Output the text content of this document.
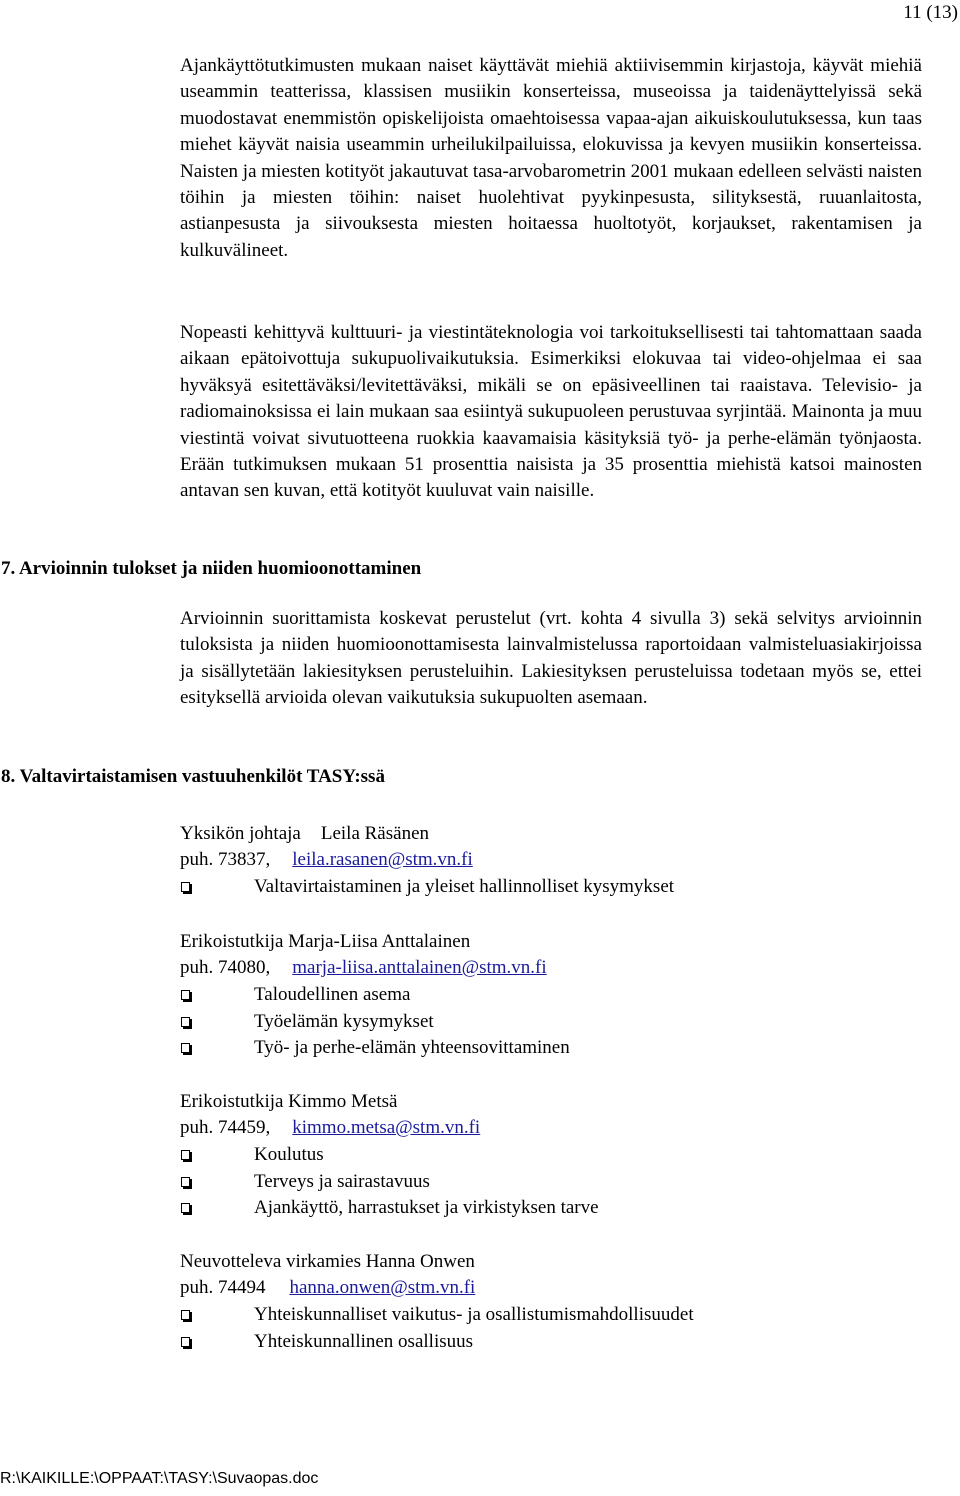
11 (13)

Ajankäyttötutkimusten mukaan naiset käyttävät miehiä aktiivisemmin kirjastoja, käyvät miehiä useammin teatterissa, klassisen musiikin konserteissa, museoissa ja taidenäyttelyissä sekä muodostavat enemmistön opiskelijoista omaehtoisessa vapaa-ajan aikuiskoulutuksessa, kun taas miehet käyvät naisia useammin urheilukilpailuissa, elokuvissa ja kevyen musiikin konserteissa. Naisten ja miesten kotityöt jakautuvat tasa-arvobarometrin 2001 mukaan edelleen selvästi naisten töihin ja miesten töihin: naiset huolehtivat pyykinpesusta, silityksestä, ruuanlaitosta, astianpesusta ja siivouksesta miesten hoitaessa huoltotyöt, korjaukset, rakentamisen ja kulkuvälineet.

Nopeasti kehittyvä kulttuuri- ja viestintäteknologia voi tarkoituksellisesti tai tahtomattaan saada aikaan epätoivottuja sukupuolivaikutuksia. Esimerkiksi elokuvaa tai video-ohjelmaa ei saa hyväksyä esitettäväksi/levitettäväksi, mikäli se on epäsiveellinen tai raaistava. Televisio- ja radiomainoksissa ei lain mukaan saa esiintyä sukupuoleen perustuvaa syrjintää. Mainonta ja muu viestintä voivat sivutuotteena ruokkia kaavamaisia käsityksiä työ- ja perhe-elämän työnjaosta. Erään tutkimuksen mukaan 51 prosenttia naisista ja 35 prosenttia miehistä katsoi mainosten antavan sen kuvan, että kotityöt kuuluvat vain naisille.

7. Arvioinnin tulokset ja niiden huomioonottaminen

Arvioinnin suorittamista koskevat perustelut (vrt. kohta 4 sivulla 3) sekä selvitys arvioinnin tuloksista ja niiden huomioonottamisesta lainvalmistelussa raportoidaan valmisteluasiakirjoissa ja sisällytetään lakiesityksen perusteluihin. Lakiesityksen perusteluissa todetaan myös se, ettei esityksellä arvioida olevan vaikutuksia sukupuolten asemaan.

8. Valtavirtaistamisen vastuuhenkilöt TASY:ssä
Yksikön johtaja Leila Räsänen
puh. 73837, leila.rasanen@stm.vn.fi
Valtavirtaistaminen ja yleiset hallinnolliset kysymykset
Erikoistutkija Marja-Liisa Anttalainen
puh. 74080, marja-liisa.anttalainen@stm.vn.fi
Taloudellinen asema
Työelämän kysymykset
Työ- ja perhe-elämän yhteensovittaminen
Erikoistutkija Kimmo Metsä
puh. 74459, kimmo.metsa@stm.vn.fi
Koulutus
Terveys ja sairastavuus
Ajankäyttö, harrastukset ja virkistyksen tarve
Neuvotteleva virkamies Hanna Onwen
puh. 74494 hanna.onwen@stm.vn.fi
Yhteiskunnalliset vaikutus- ja osallistumismahdollisuudet
Yhteiskunnallinen osallisuus
R:\KAIKILLE:\OPPAAT:\TASY:\Suvaopas.doc
